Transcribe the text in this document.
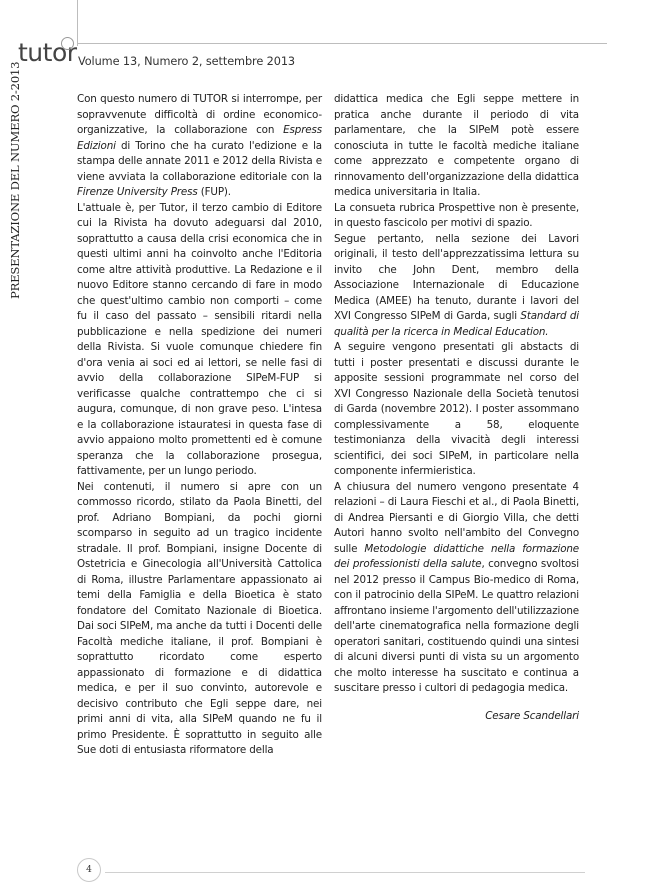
tutor Volume 13, Numero 2, settembre 2013
PRESENTAZIONE DEL NUMERO 2-2013	Con questo numero di TUTOR si interrompe, per sopravvenute difficoltà di ordine economico-organizzative, la collaborazione con Espress Edizioni di Torino che ha curato l'edizione e la stampa delle annate 2011 e 2012 della Rivista e viene avviata la collaborazione editoriale con la Firenze University Press (FUP).

L'attuale è, per Tutor, il terzo cambio di Editore cui la Rivista ha dovuto adeguarsi dal 2010, soprattutto a causa della crisi economica che in questi ultimi anni ha coinvolto anche l'Editoria come altre attività produttive. La Redazione e il nuovo Editore stanno cercando di fare in modo che quest'ultimo cambio non comporti – come fu il caso del passato – sensibili ritardi nella pubblicazione e nella spedizione dei numeri della Rivista. Si vuole comunque chiedere fin d'ora venia ai soci ed ai lettori, se nelle fasi di avvio della collaborazione SIPeM-FUP si verificasse qualche contrattempo che ci si augura, comunque, di non grave peso. L'intesa e la collaborazione istauratesi in questa fase di avvio appaiono molto promettenti ed è comune speranza che la collaborazione prosegua, fattivamente, per un lungo periodo.

Nei contenuti, il numero si apre con un commosso ricordo, stilato da Paola Binetti, del prof. Adriano Bompiani, da pochi giorni scomparso in seguito ad un tragico incidente stradale. Il prof. Bompiani, insigne Docente di Ostetricia e Ginecologia all'Università Cattolica di Roma, illustre Parlamentare appassionato ai temi della Famiglia e della Bioetica è stato fondatore del Comitato Nazionale di Bioetica. Dai soci SIPeM, ma anche da tutti i Docenti delle Facoltà mediche italiane, il prof. Bompiani è soprattutto ricordato come esperto appassionato di formazione e di didattica medica, e per il suo convinto, autorevole e decisivo contributo che Egli seppe dare, nei primi anni di vita, alla SIPeM quando ne fu il primo Presidente. È soprattutto in seguito alle Sue doti di entusiasta riformatore della

didattica medica che Egli seppe mettere in pratica anche durante il periodo di vita parlamentare, che la SIPeM potè essere conosciuta in tutte le facoltà mediche italiane come apprezzato e competente organo di rinnovamento dell'organizzazione della didattica medica universitaria in Italia.

La consueta rubrica Prospettive non è presente, in questo fascicolo per motivi di spazio.

Segue pertanto, nella sezione dei Lavori originali, il testo dell'apprezzatissima lettura su invito che John Dent, membro della Associazione Internazionale di Educazione Medica (AMEE) ha tenuto, durante i lavori del XVI Congresso SIPeM di Garda, sugli Standard di qualità per la ricerca in Medical Education.

A seguire vengono presentati gli abstacts di tutti i poster presentati e discussi durante le apposite sessioni programmate nel corso del XVI Congresso Nazionale della Società tenutosi di Garda (novembre 2012). I poster assommano complessivamente a 58, eloquente testimonianza della vivacità degli interessi scientifici, dei soci SIPeM, in particolare nella componente infermieristica.

A chiusura del numero vengono presentate 4 relazioni – di Laura Fieschi et al., di Paola Binetti, di Andrea Piersanti e di Giorgio Villa, che detti Autori hanno svolto nell'ambito del Convegno sulle Metodologie didattiche nella formazione dei professionisti della salute, convegno svoltosi nel 2012 presso il Campus Bio-medico di Roma, con il patrocinio della SIPeM. Le quattro relazioni affrontano insieme l'argomento dell'utilizzazione dell'arte cinematografica nella formazione degli operatori sanitari, costituendo quindi una sintesi di alcuni diversi punti di vista su un argomento che molto interesse ha suscitato e continua a suscitare presso i cultori di pedagogia medica.

Cesare Scandellari

4
